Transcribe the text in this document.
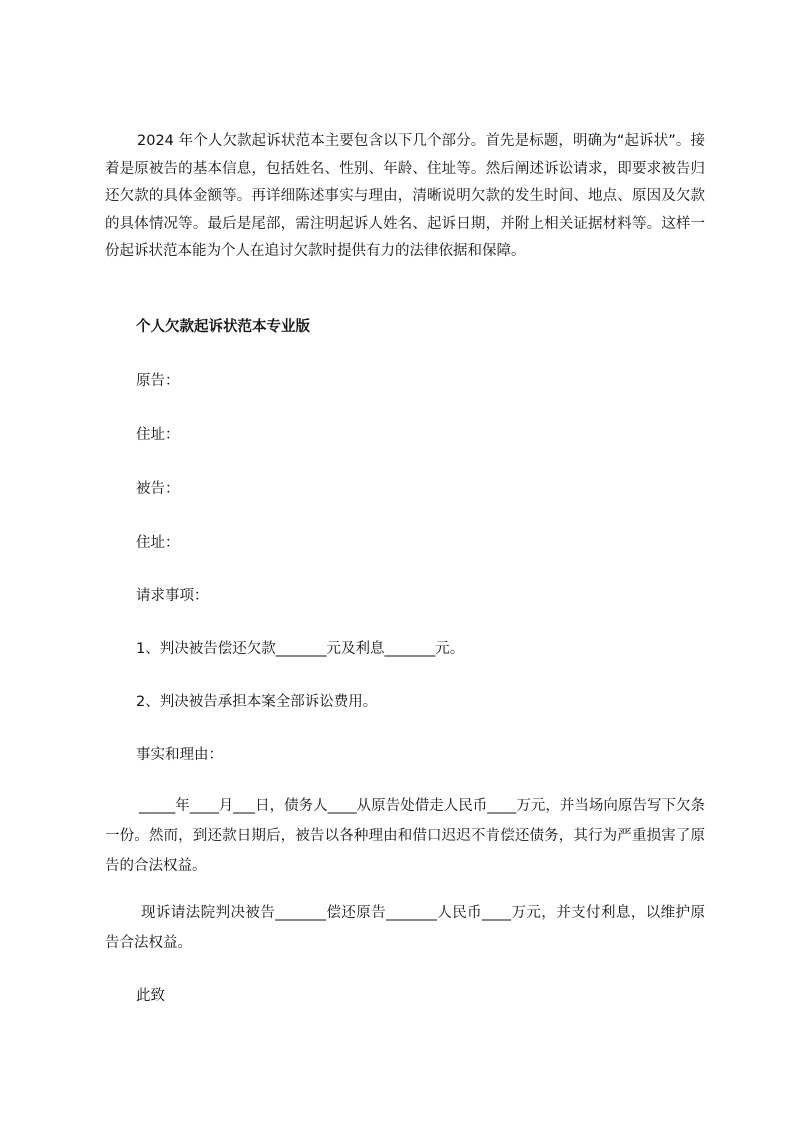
2024 年个人欠款起诉状范本主要包含以下几个部分。首先是标题，明确为“起诉状”。接着是原被告的基本信息，包括姓名、性别、年龄、住址等。然后阐述诉讼请求，即要求被告归还欠款的具体金额等。再详细陈述事实与理由，清晰说明欠款的发生时间、地点、原因及欠款的具体情况等。最后是尾部，需注明起诉人姓名、起诉日期，并附上相关证据材料等。这样一份起诉状范本能为个人在追讨欠款时提供有力的法律依据和保障。

个人欠款起诉状范本专业版

原告：

住址：

被告：

住址：

请求事项：

1、判决被告偿还欠款_______元及利息_______元。

2、判决被告承担本案全部诉讼费用。

事实和理由：

_____年____月___日，债务人____从原告处借走人民币____万元，并当场向原告写下欠条一份。然而，到还款日期后，被告以各种理由和借口迟迟不肯偿还债务，其行为严重损害了原告的合法权益。

现诉请法院判决被告_______偿还原告_______人民币____万元，并支付利息，以维护原告合法权益。

此致
